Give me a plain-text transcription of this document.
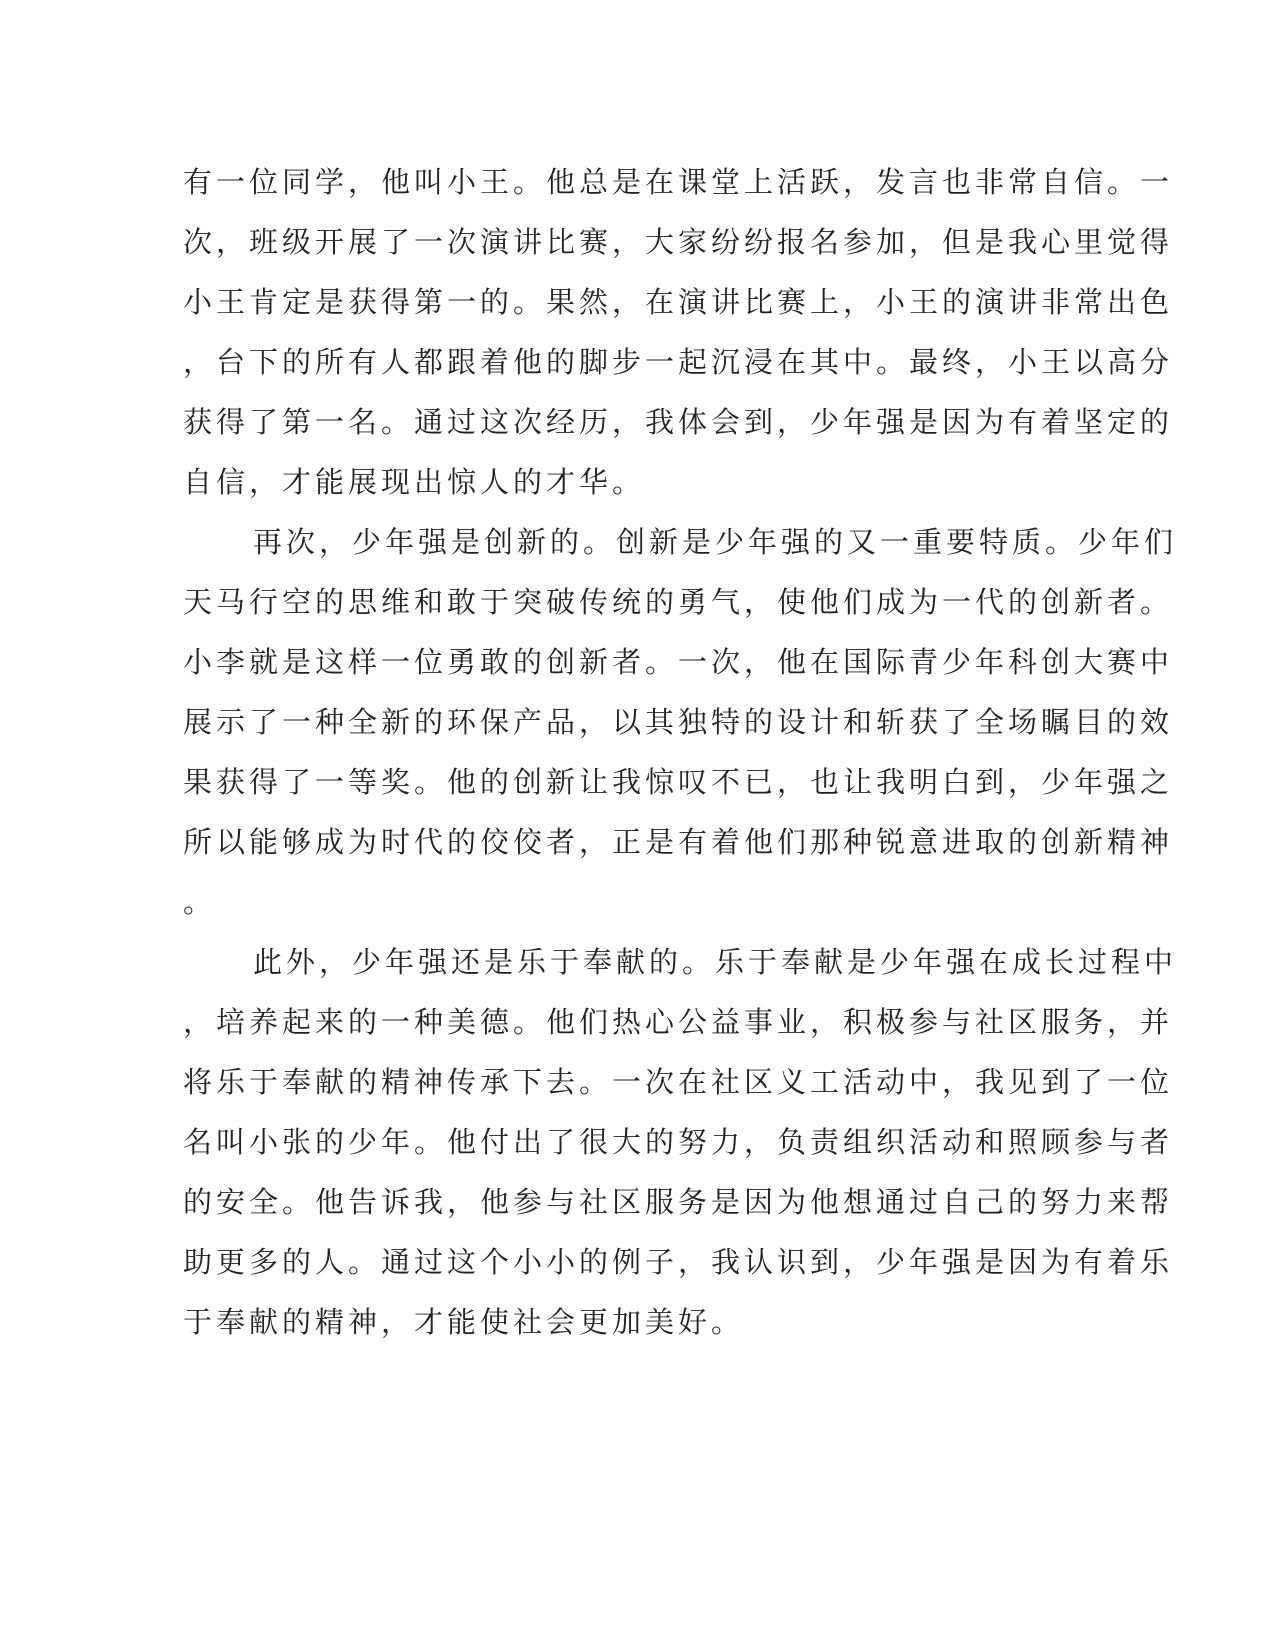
有一位同学，他叫小王。他总是在课堂上活跃，发言也非常自信。一
次，班级开展了一次演讲比赛，大家纷纷报名参加，但是我心里觉得
小王肯定是获得第一的。果然，在演讲比赛上，小王的演讲非常出色
，台下的所有人都跟着他的脚步一起沉浸在其中。最终，小王以高分
获得了第一名。通过这次经历，我体会到，少年强是因为有着坚定的
自信，才能展现出惊人的才华。
再次，少年强是创新的。创新是少年强的又一重要特质。少年们
天马行空的思维和敢于突破传统的勇气，使他们成为一代的创新者。
小李就是这样一位勇敢的创新者。一次，他在国际青少年科创大赛中
展示了一种全新的环保产品，以其独特的设计和斩获了全场瞩目的效
果获得了一等奖。他的创新让我惊叹不已，也让我明白到，少年强之
所以能够成为时代的佼佼者，正是有着他们那种锐意进取的创新精神
。
此外，少年强还是乐于奉献的。乐于奉献是少年强在成长过程中
，培养起来的一种美德。他们热心公益事业，积极参与社区服务，并
将乐于奉献的精神传承下去。一次在社区义工活动中，我见到了一位
名叫小张的少年。他付出了很大的努力，负责组织活动和照顾参与者
的安全。他告诉我，他参与社区服务是因为他想通过自己的努力来帮
助更多的人。通过这个小小的例子，我认识到，少年强是因为有着乐
于奉献的精神，才能使社会更加美好。
